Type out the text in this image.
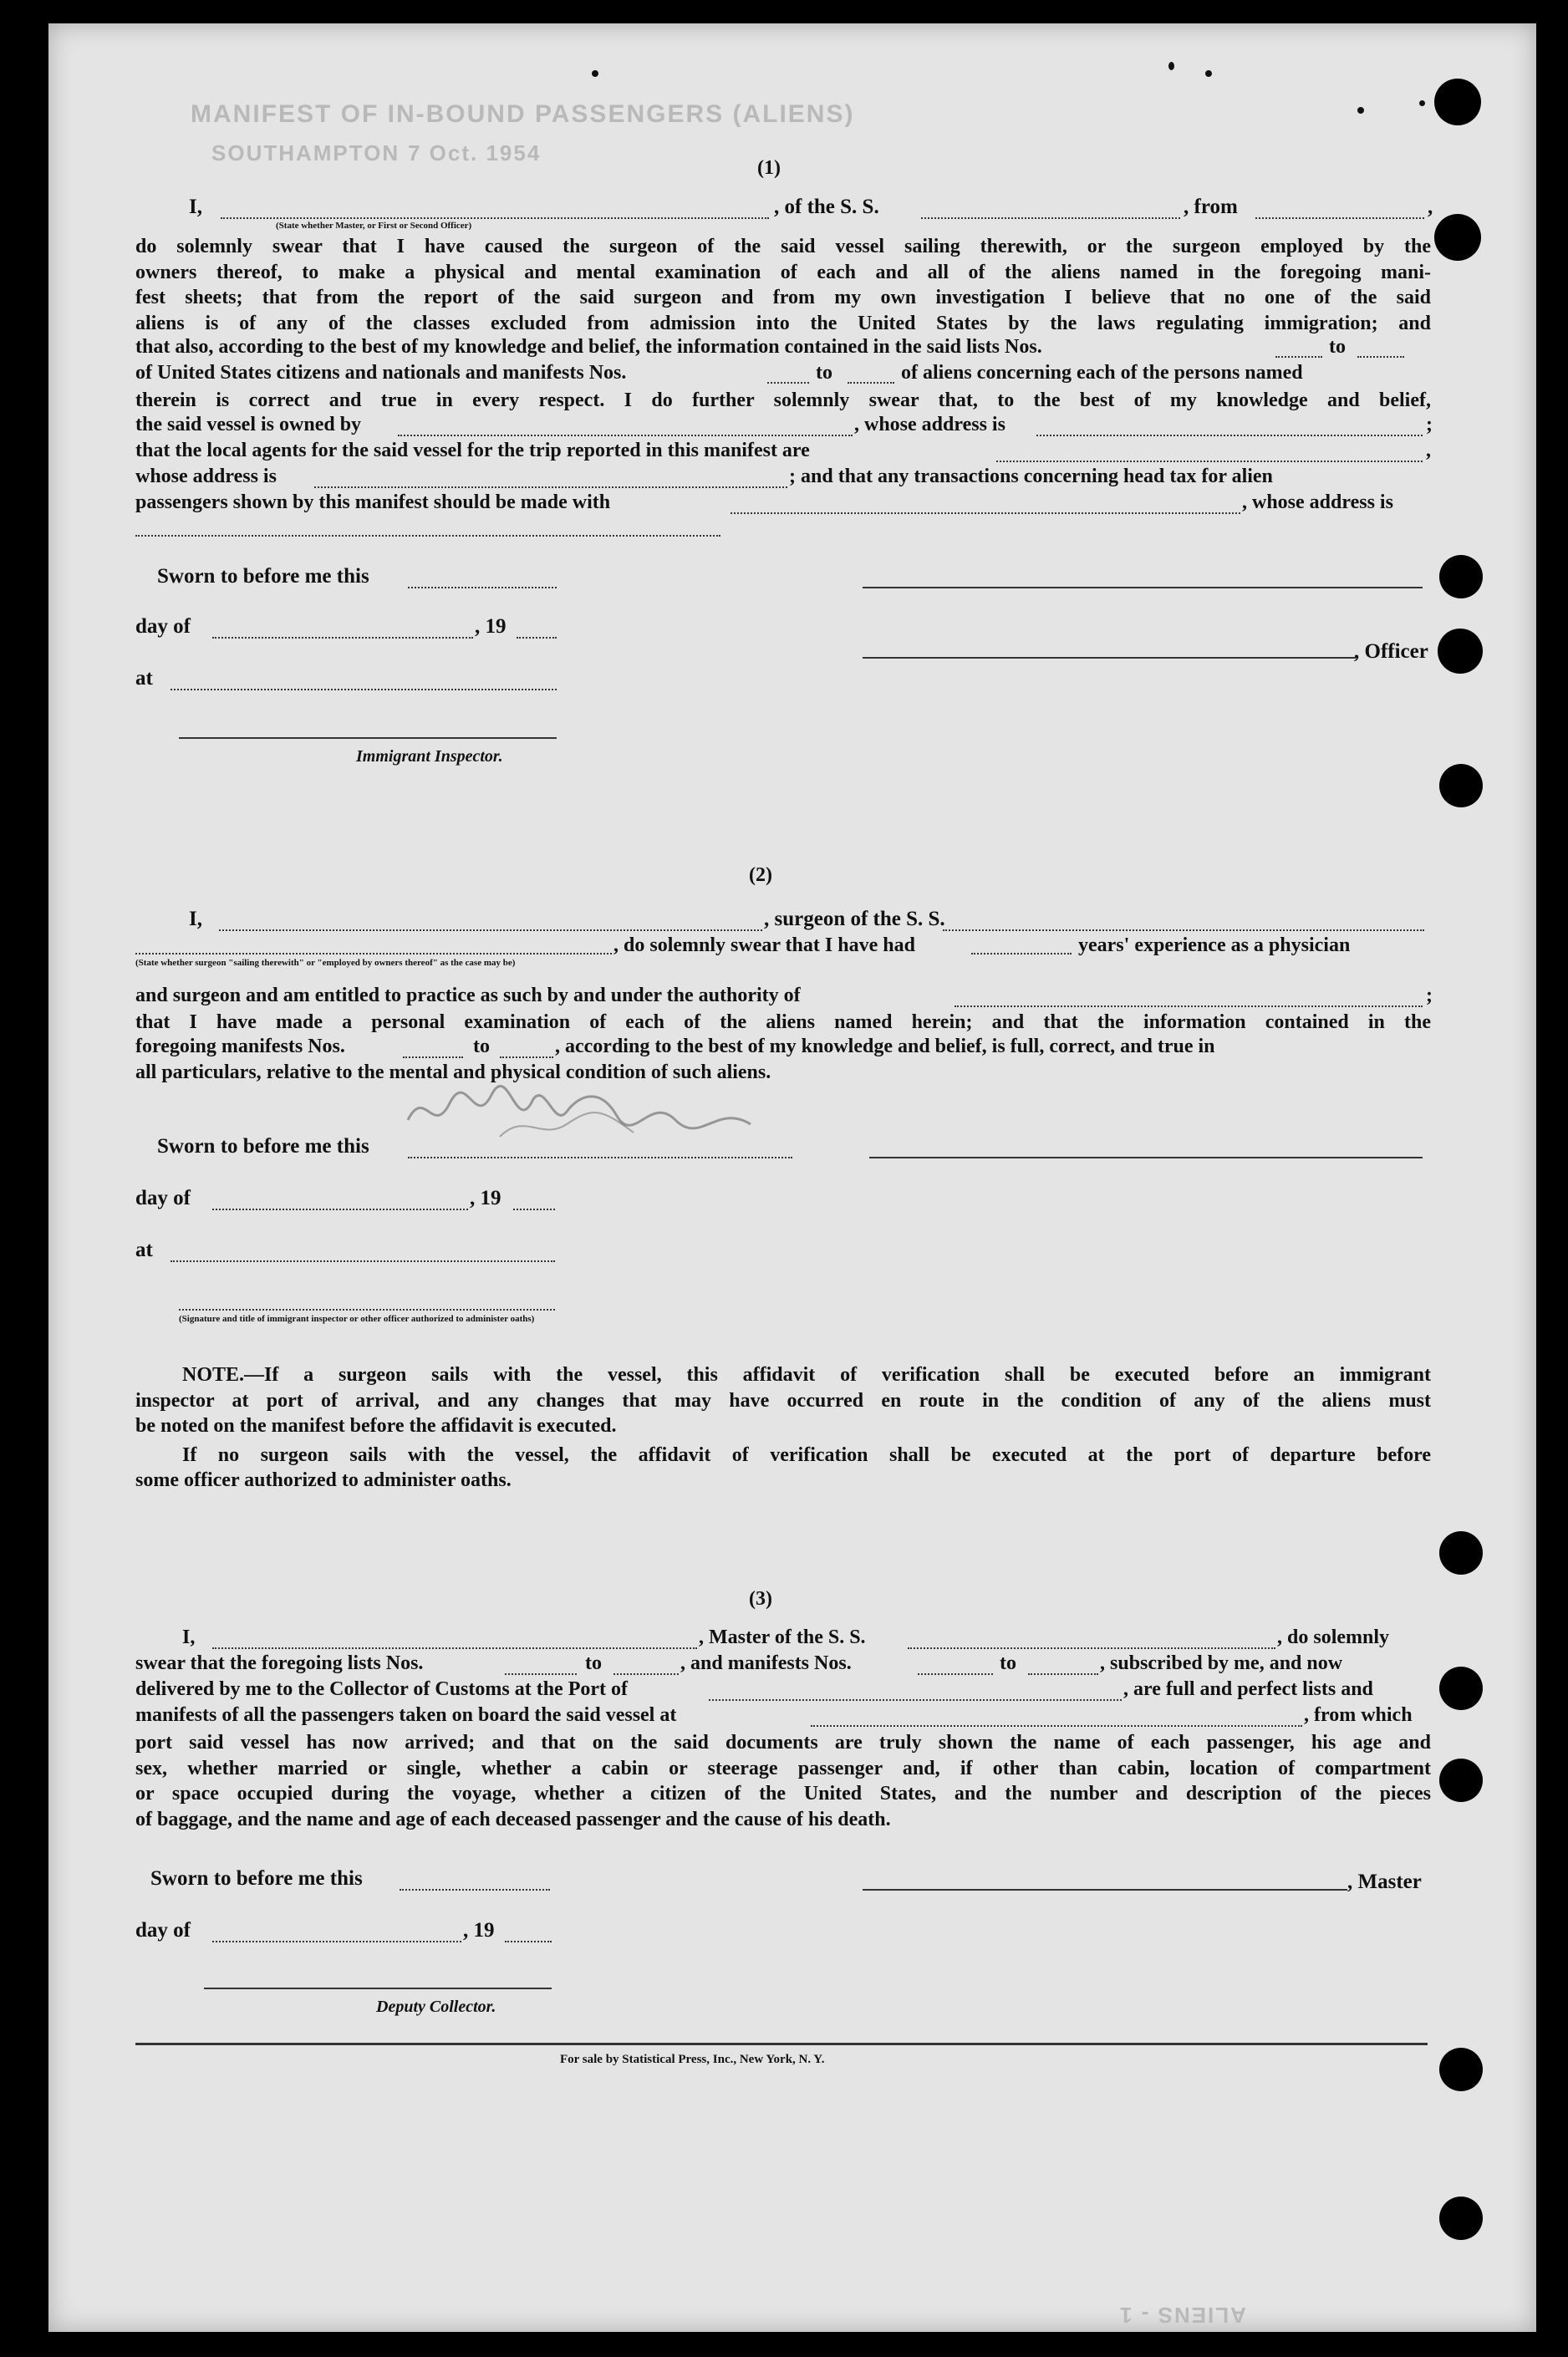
MANIFEST OF IN-BOUND PASSENGERS (ALIENS)
SOUTHAMPTON 7 Oct. 1954
(1)
I,	, of the S. S.	, from	,
(State whether Master, or First or Second Officer)
do solemnly swear that I have caused the surgeon of the said vessel sailing therewith, or the surgeon employed by the
owners thereof, to make a physical and mental examination of each and all of the aliens named in the foregoing mani-
fest sheets; that from the report of the said surgeon and from my own investigation I believe that no one of the said
aliens is of any of the classes excluded from admission into the United States by the laws regulating immigration; and
that also, according to the best of my knowledge and belief, the information contained in the said lists Nos.	to
of United States citizens and nationals and manifests Nos.	to	of aliens concerning each of the persons named
therein is correct and true in every respect. I do further solemnly swear that, to the best of my knowledge and belief,
the said vessel is owned by	, whose address is	;
that the local agents for the said vessel for the trip reported in this manifest are	,
whose address is	; and that any transactions concerning head tax for alien
passengers shown by this manifest should be made with	, whose address is
Sworn to before me this
day of	, 19
, Officer
at
Immigrant Inspector.
(2)
I,	, surgeon of the S. S.
, do solemnly swear that I have had	years' experience as a physician
(State whether surgeon "sailing therewith" or "employed by owners thereof" as the case may be)
and surgeon and am entitled to practice as such by and under the authority of	;
that I have made a personal examination of each of the aliens named herein; and that the information contained in the
foregoing manifests Nos.	to	, according to the best of my knowledge and belief, is full, correct, and true in
all particulars, relative to the mental and physical condition of such aliens.
Sworn to before me this
day of	, 19
at
(Signature and title of immigrant inspector or other officer authorized to administer oaths)
NOTE.—If a surgeon sails with the vessel, this affidavit of verification shall be executed before an immigrant
inspector at port of arrival, and any changes that may have occurred en route in the condition of any of the aliens must
be noted on the manifest before the affidavit is executed.
If no surgeon sails with the vessel, the affidavit of verification shall be executed at the port of departure before
some officer authorized to administer oaths.
(3)
I,	, Master of the S. S.	, do solemnly
swear that the foregoing lists Nos.	to	, and manifests Nos.	to	, subscribed by me, and now
delivered by me to the Collector of Customs at the Port of	, are full and perfect lists and
manifests of all the passengers taken on board the said vessel at	, from which
port said vessel has now arrived; and that on the said documents are truly shown the name of each passenger, his age and
sex, whether married or single, whether a cabin or steerage passenger and, if other than cabin, location of compartment
or space occupied during the voyage, whether a citizen of the United States, and the number and description of the pieces
of baggage, and the name and age of each deceased passenger and the cause of his death.
Sworn to before me this	, Master
day of	, 19
Deputy Collector.
For sale by Statistical Press, Inc., New York, N. Y.
ALIENS - 1
